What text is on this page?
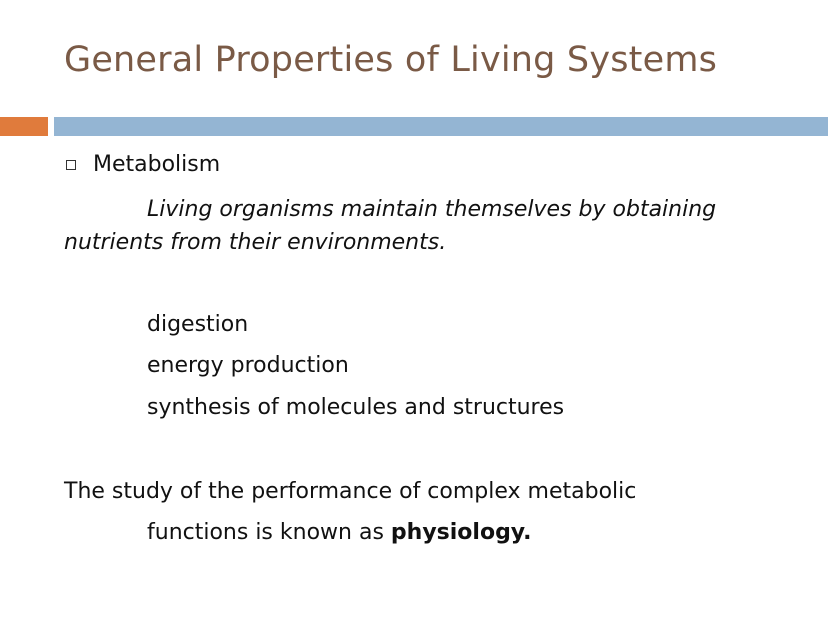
General Properties of Living Systems
Metabolism
Living organisms maintain themselves by obtaining
nutrients from their environments.
digestion
energy production
synthesis of molecules and structures
The study of the performance of complex metabolic
functions is known as physiology.
